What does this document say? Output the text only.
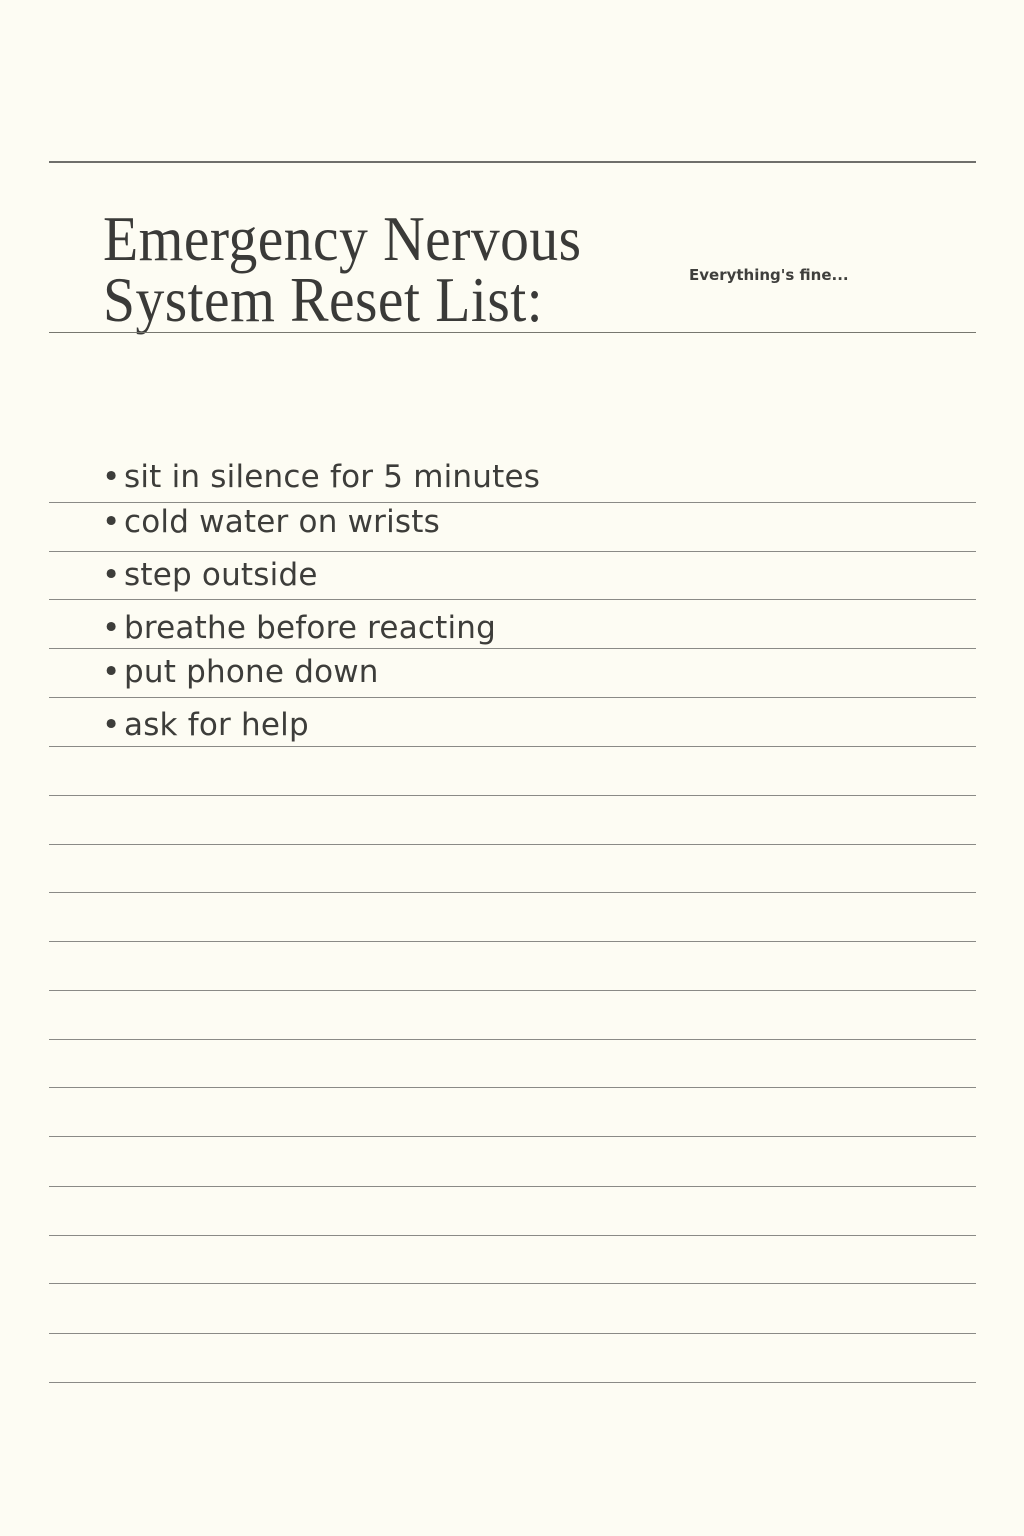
Emergency Nervous
System Reset List:	Everything's fine...
• sit in silence for 5 minutes
• cold water on wrists
• step outside
• breathe before reacting
• put phone down
• ask for help
